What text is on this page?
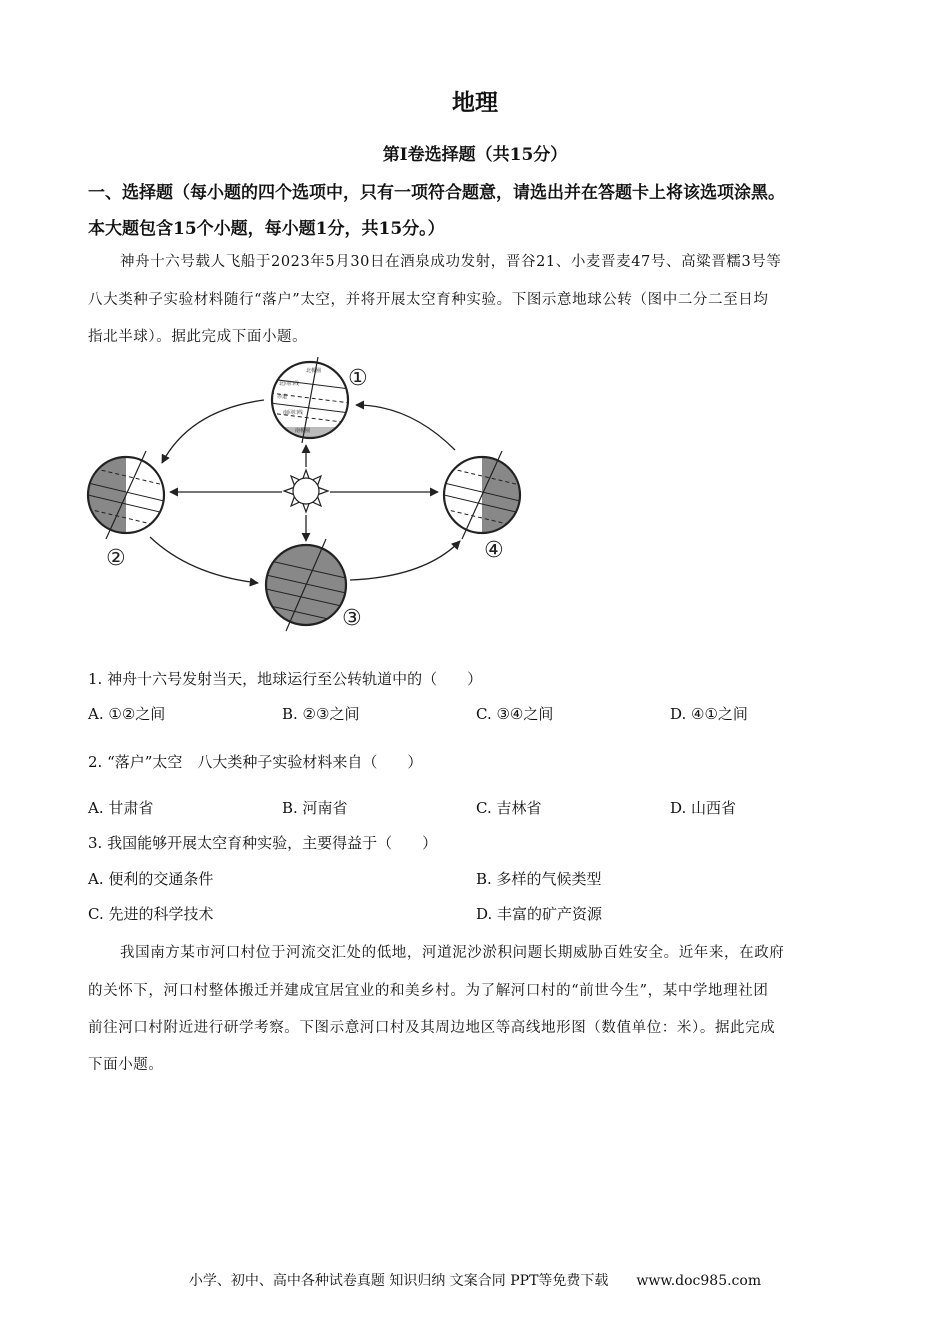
地理
第Ⅰ卷选择题（共15分）
一、选择题（每小题的四个选项中，只有一项符合题意，请选出并在答题卡上将该选项涂黑。
本大题包含15个小题，每小题1分，共15分。）
神舟十六号载人飞船于2023年5月30日在酒泉成功发射，晋谷21、小麦晋麦47号、高粱晋糯3号等
八大类种子实验材料随行“落户”太空，并将开展太空育种实验。下图示意地球公转（图中二分二至日均
指北半球）。据此完成下面小题。
北极圈
北回归线
赤道
南回归线
南极圈
①
②
③
④
1. 神舟十六号发射当天，地球运行至公转轨道中的（　　）
A. ①②之间	B. ②③之间	C. ③④之间	D. ④①之间
2. “落户”太空　八大类种子实验材料来自（　　）
A. 甘肃省	B. 河南省	C. 吉林省	D. 山西省
3. 我国能够开展太空育种实验，主要得益于（　　）
A. 便利的交通条件	B. 多样的气候类型
C. 先进的科学技术	D. 丰富的矿产资源
我国南方某市河口村位于河流交汇处的低地，河道泥沙淤积问题长期威胁百姓安全。近年来，在政府
的关怀下，河口村整体搬迁并建成宜居宜业的和美乡村。为了解河口村的“前世今生”，某中学地理社团
前往河口村附近进行研学考察。下图示意河口村及其周边地区等高线地形图（数值单位：米）。据此完成
下面小题。
小学、初中、高中各种试卷真题 知识归纳 文案合同 PPT等免费下载　　www.doc985.com
